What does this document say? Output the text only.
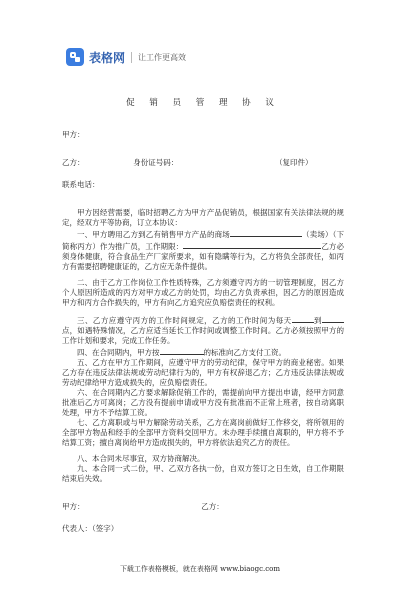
表格网 让工作更高效
促 销 员 管 理 协 议
甲方：
乙方：	身份证号码：	（复印件）
联系电话：

甲方因经营需要，临时招聘乙方为甲方产品促销员，根据国家有关法律法规的规定，经双方平等协商，订立本协议：

一、甲方聘用乙方到乙有销售甲方产品的商场	（卖场）（下简称丙方）作为推广员，工作期限：	乙方必须身体健康，符合食品生产厂家所要求，如有隐瞒等行为，乙方将负全部责任，如丙方有需要招聘健康证的，乙方应无条件提供。

二、由于乙方工作岗位工作性质特殊，乙方须遵守丙方的一切管理制度，因乙方个人原因所造成的丙方对甲方或乙方的处罚，均由乙方负责承担，因乙方的原因造成甲方和丙方合作损失的，甲方有向乙方追究应负赔偿责任的权利。

三、乙方应遵守丙方的工作时间规定，乙方的工作时间为每天	到点，如遇特殊情况，乙方应适当延长工作时间或调整工作时间。乙方必须按照甲方的工作计划和要求，完成工作任务。

四、在合同期内，甲方按	的标准向乙方支付工资。

五、乙方在甲方工作期间，应遵守甲方的劳动纪律，保守甲方的商业秘密。如果乙方存在违反法律法规或劳动纪律行为的，甲方有权辞退乙方；乙方违反法律法规或劳动纪律给甲方造成损失的，应负赔偿责任。

六、在合同期内乙方要求解除促销工作的，需提前向甲方提出申请，经甲方同意批准后乙方可离岗；乙方没有提前申请或甲方没有批准而不正常上班者，按自动离职处理，甲方不予结算工资。

七、乙方离职或与甲方解除劳动关系，乙方在离岗前做好工作移交，将所领用的全部甲方物品和经手的全部甲方资料交回甲方。未办理手续擅自离职的，甲方将不予结算工资；擅自离岗给甲方造成损失的，甲方将依法追究乙方的责任。

八、本合同未尽事宜，双方协商解决。

九、本合同一式二份，甲、乙双方各执一份，自双方签订之日生效，自工作期限结束后失效。

甲方：	乙方：
代表人：（签字）
下载工作表格模板，就在表格网 www.biaogc.com
